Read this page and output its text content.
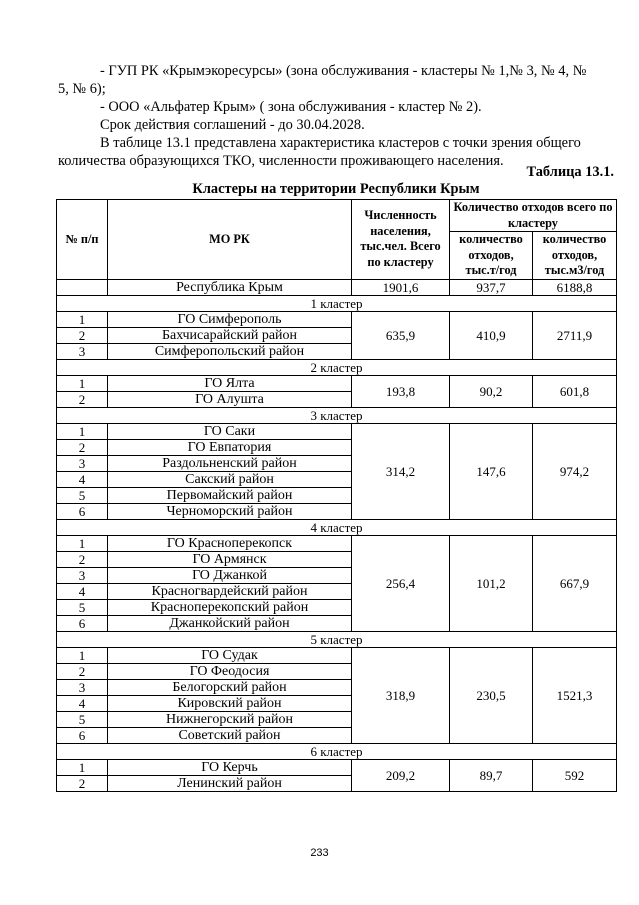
- ГУП РК «Крымэкоресурсы» (зона обслуживания - кластеры № 1,№ 3, № 4, № 5, № 6);

- ООО «Альфатер Крым» ( зона обслуживания - кластер № 2).

Срок действия соглашений - до 30.04.2028.

В таблице 13.1 представлена характеристика кластеров с точки зрения общего количества образующихся ТКО, численности проживающего населения.

Таблица 13.1.
Кластеры на территории Республики Крым
№ п/п	МО РК	Численность населения, тыс.чел. Всего по кластеру	Количество отходов всего по кластеру	
			количество отходов, тыс.т/год	количество отходов, тыс.м3/год
	Республика Крым	1901,6	937,7	6188,8
1 кластер				
1	ГО Симферополь	635,9	410,9	2711,9
2	Бахчисарайский район			
3	Симферопольский район			
2 кластер				
1	ГО Ялта	193,8	90,2	601,8
2	ГО Алушта			
3 кластер				
1	ГО Саки	314,2	147,6	974,2
2	ГО Евпатория			
3	Раздольненский район			
4	Сакский район			
5	Первомайский район			
6	Черноморский район			
4 кластер				
1	ГО Красноперекопск	256,4	101,2	667,9
2	ГО Армянск			
3	ГО Джанкой			
4	Красногвардейский район			
5	Красноперекопский район			
6	Джанкойский район			
5 кластер				
1	ГО Судак	318,9	230,5	1521,3
2	ГО Феодосия			
3	Белогорский район			
4	Кировский район			
5	Нижнегорский район			
6	Советский район			
6 кластер				
1	ГО Керчь	209,2	89,7	592
2	Ленинский район			
233
